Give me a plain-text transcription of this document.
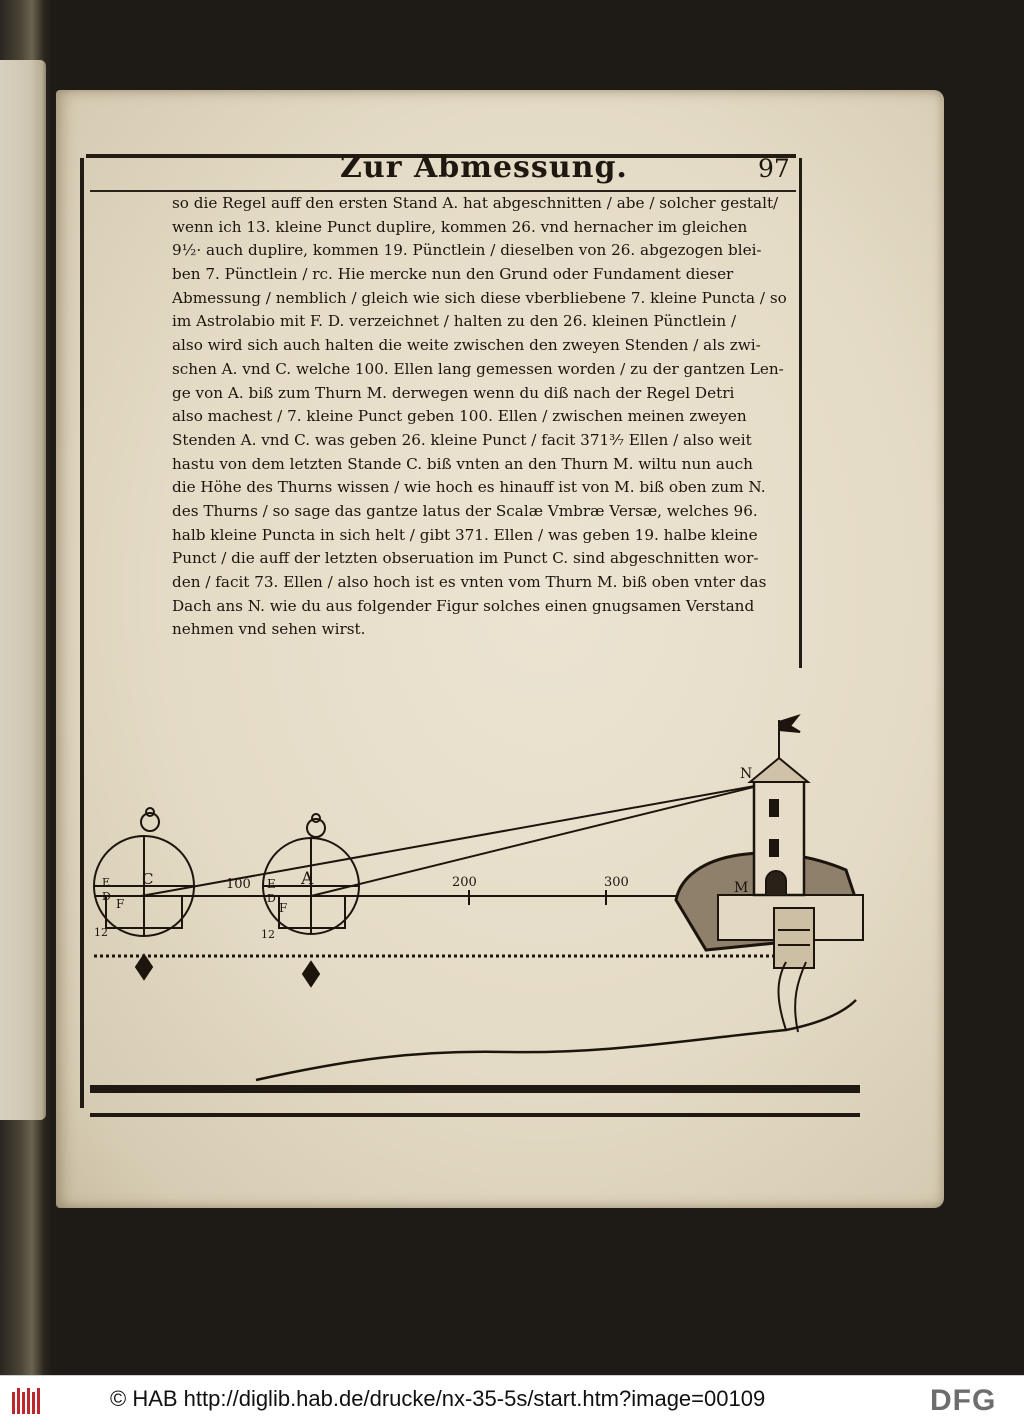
Zur Abmessung.	97
so die Regel auff den ersten Stand A. hat abgeschnitten / abe / solcher gestalt/
wenn ich 13. kleine Punct duplire, kommen 26. vnd hernacher im gleichen
9½· auch duplire, kommen 19. Pünctlein / dieselben von 26. abgezogen blei-
ben 7. Pünctlein / rc. Hie mercke nun den Grund oder Fundament dieser
Abmessung / nemblich / gleich wie sich diese vberbliebene 7. kleine Puncta / so
im Astrolabio mit F. D. verzeichnet / halten zu den 26. kleinen Pünctlein /
also wird sich auch halten die weite zwischen den zweyen Stenden / als zwi-
schen A. vnd C. welche 100. Ellen lang gemessen worden / zu der gantzen Len-
ge von A. biß zum Thurn M. derwegen wenn du diß nach der Regel Detri
also machest / 7. kleine Punct geben 100. Ellen / zwischen meinen zweyen
Stenden A. vnd C. was geben 26. kleine Punct / facit 371³⁄₇ Ellen / also weit
hastu von dem letzten Stande C. biß vnten an den Thurn M. wiltu nun auch
die Höhe des Thurns wissen / wie hoch es hinauff ist von M. biß oben zum N.
des Thurns / so sage das gantze latus der Scalæ Vmbræ Versæ, welches 96.
halb kleine Puncta in sich helt / gibt 371. Ellen / was geben 19. halbe kleine
Punct / die auff der letzten obseruation im Punct C. sind abgeschnitten wor-
den / facit 73. Ellen / also hoch ist es vnten vom Thurn M. biß oben vnter das
Dach ans N. wie du aus folgender Figur solches einen gnugsamen Verstand
nehmen vnd sehen wirst.
C	A
E
D
F
E
D
F
12	12
N
M
100	200	300
© HAB http://diglib.hab.de/drucke/nx-35-5s/start.htm?image=00109	DFG
